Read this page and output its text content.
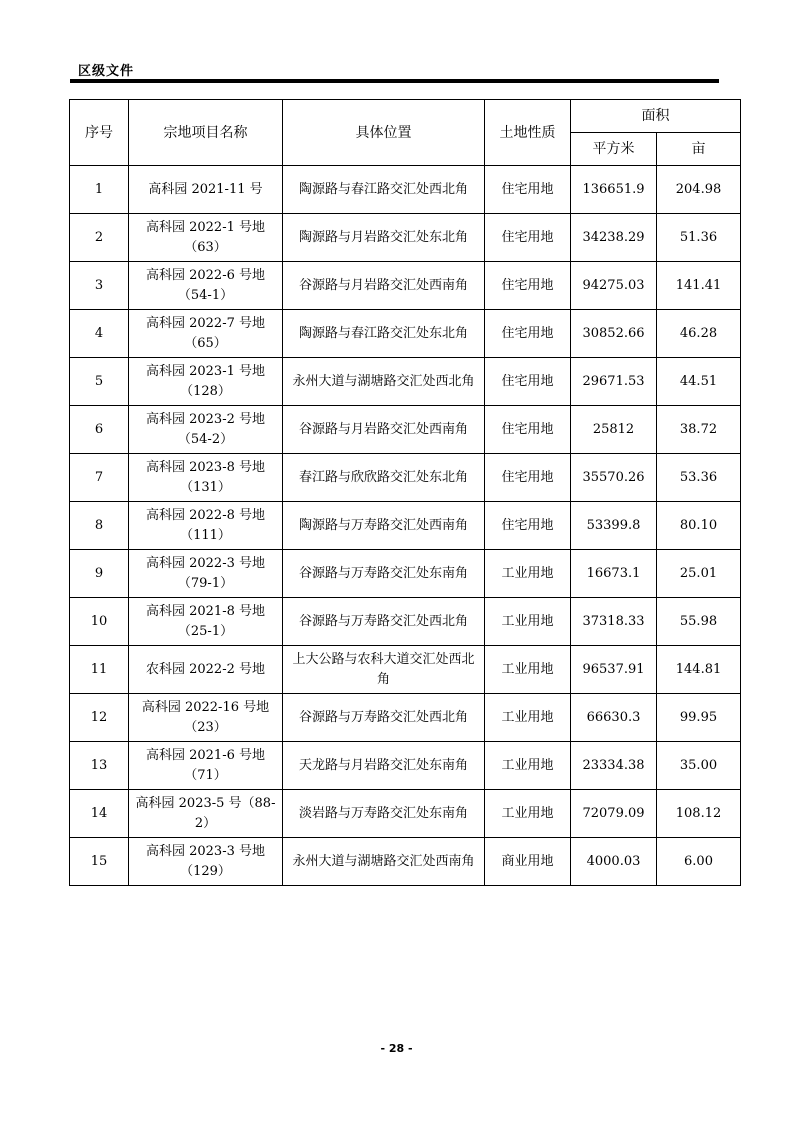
区级文件
序号	宗地项目名称	具体位置	土地性质	面积	
				平方米	亩
1	高科园 2021-11 号	陶源路与春江路交汇处西北角	住宅用地	136651.9	204.98
2	高科园 2022-1 号地（63）	陶源路与月岩路交汇处东北角	住宅用地	34238.29	51.36
3	高科园 2022-6 号地（54-1）	谷源路与月岩路交汇处西南角	住宅用地	94275.03	141.41
4	高科园 2022-7 号地（65）	陶源路与春江路交汇处东北角	住宅用地	30852.66	46.28
5	高科园 2023-1 号地（128）	永州大道与湖塘路交汇处西北角	住宅用地	29671.53	44.51
6	高科园 2023-2 号地（54-2）	谷源路与月岩路交汇处西南角	住宅用地	25812	38.72
7	高科园 2023-8 号地（131）	春江路与欣欣路交汇处东北角	住宅用地	35570.26	53.36
8	高科园 2022-8 号地（111）	陶源路与万寿路交汇处西南角	住宅用地	53399.8	80.10
9	高科园 2022-3 号地（79-1）	谷源路与万寿路交汇处东南角	工业用地	16673.1	25.01
10	高科园 2021-8 号地（25-1）	谷源路与万寿路交汇处西北角	工业用地	37318.33	55.98
11	农科园 2022-2 号地	上大公路与农科大道交汇处西北角	工业用地	96537.91	144.81
12	高科园 2022-16 号地（23）	谷源路与万寿路交汇处西北角	工业用地	66630.3	99.95
13	高科园 2021-6 号地（71）	天龙路与月岩路交汇处东南角	工业用地	23334.38	35.00
14	高科园 2023-5 号（88-2）	淡岩路与万寿路交汇处东南角	工业用地	72079.09	108.12
15	高科园 2023-3 号地（129）	永州大道与湖塘路交汇处西南角	商业用地	4000.03	6.00
- 28 -
